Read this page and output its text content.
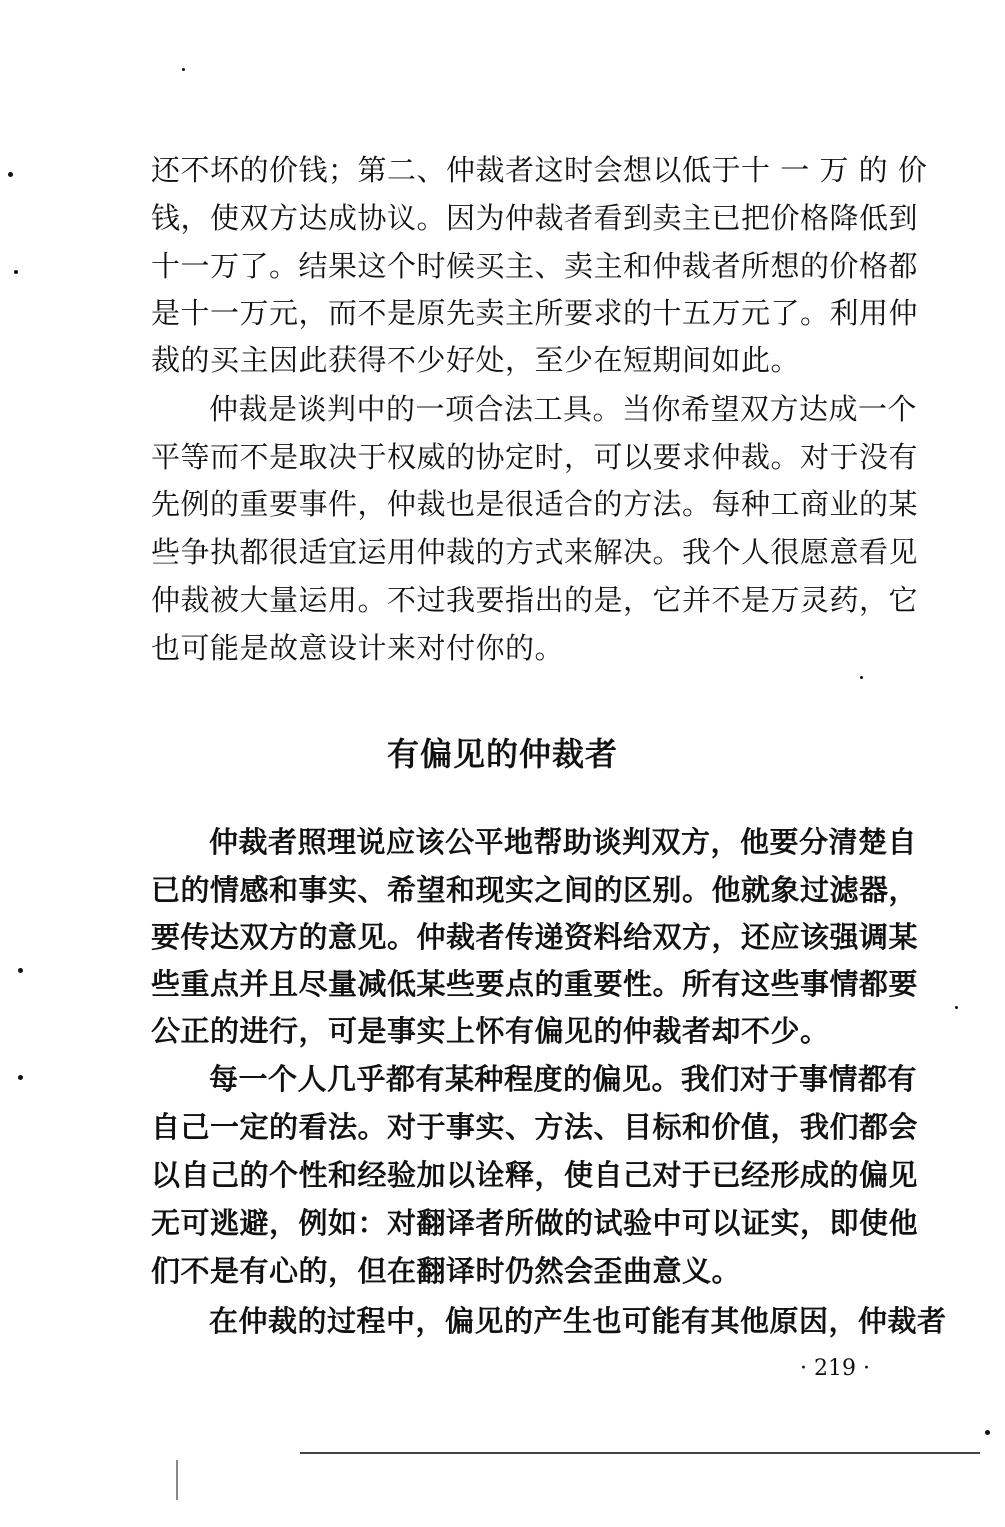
还不坏的价钱；第二、仲裁者这时会想以低于十 一 万 的 价
钱，使双方达成协议。因为仲裁者看到卖主已把价格降低到
十一万了。结果这个时候买主、卖主和仲裁者所想的价格都
是十一万元，而不是原先卖主所要求的十五万元了。利用仲
裁的买主因此获得不少好处，至少在短期间如此。
仲裁是谈判中的一项合法工具。当你希望双方达成一个
平等而不是取决于权威的协定时，可以要求仲裁。对于没有
先例的重要事件，仲裁也是很适合的方法。每种工商业的某
些争执都很适宜运用仲裁的方式来解决。我个人很愿意看见
仲裁被大量运用。不过我要指出的是，它并不是万灵药，它
也可能是故意设计来对付你的。
有偏见的仲裁者
仲裁者照理说应该公平地帮助谈判双方，他要分清楚自
已的情感和事实、希望和现实之间的区别。他就象过滤器，
要传达双方的意见。仲裁者传递资料给双方，还应该强调某
些重点并且尽量减低某些要点的重要性。所有这些事情都要
公正的进行，可是事实上怀有偏见的仲裁者却不少。
每一个人几乎都有某种程度的偏见。我们对于事情都有
自己一定的看法。对于事实、方法、目标和价值，我们都会
以自己的个性和经验加以诠释，使自己对于已经形成的偏见
无可逃避，例如：对翻译者所做的试验中可以证实，即使他
们不是有心的，但在翻译时仍然会歪曲意义。
在仲裁的过程中，偏见的产生也可能有其他原因，仲裁者
· 219 ·
